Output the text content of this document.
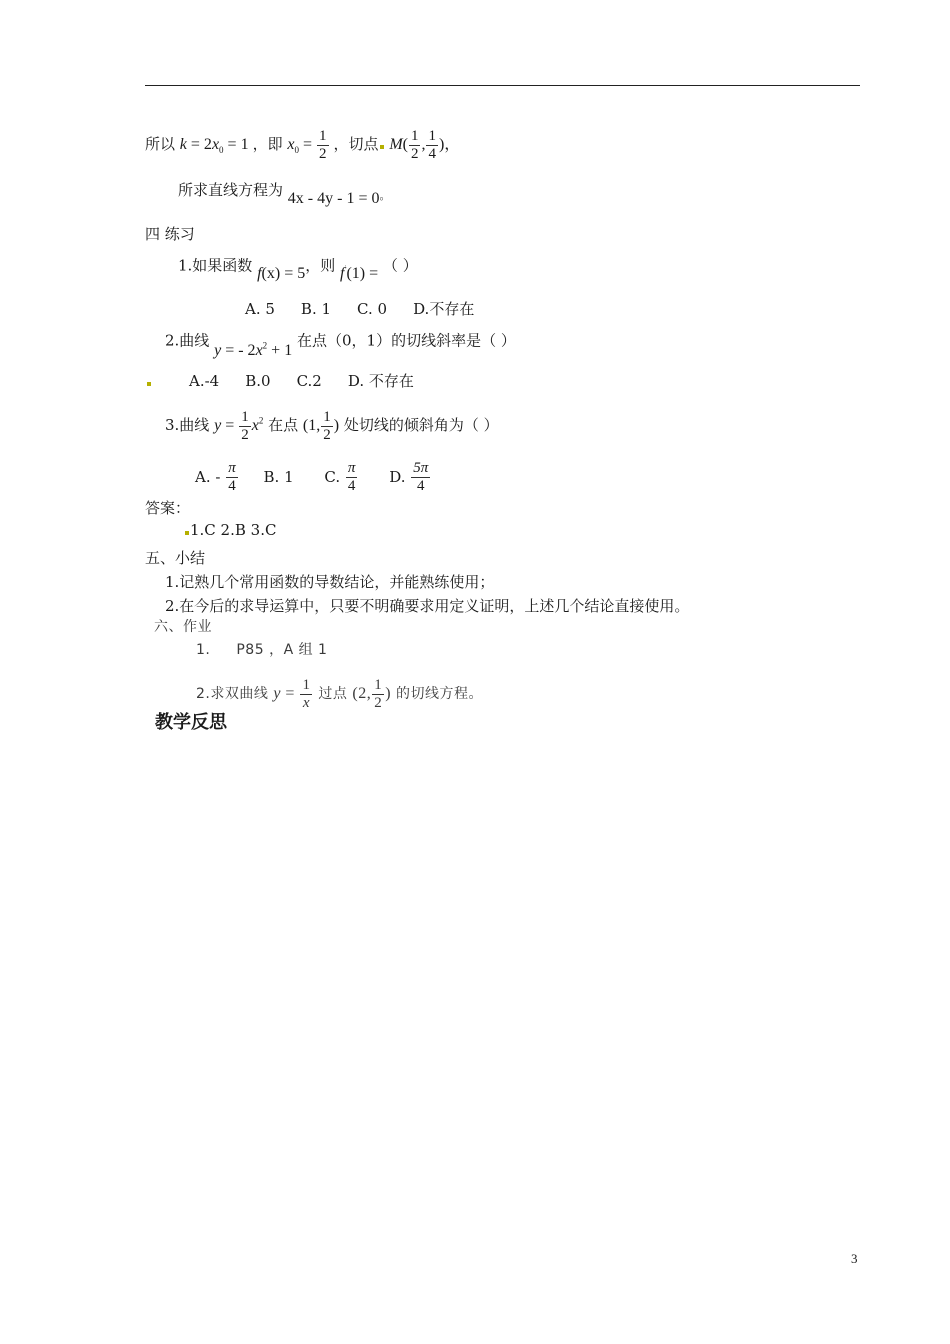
所以 $k = 2x_0 = 1$ ，即 $x_0 = \frac{1}{2}$ ，切点 $M( \frac{1}{2}$ , $\frac{1}{4}$ )，
所求直线方程为 $4x - 4y - 1 = 0_。$
四 练习
1.如果函数 f(x) = 5，则 f′(1) = （ ）
A. 5 B. 1 C. 0 D.不存在
2.曲线 y = - $2x^2 + 1$ 在点（0，1）的切线斜率是（ ）
A.-4 B.0 C.2 D. 不存在
3.曲线 $y = \frac{1}{2} x^2$ 在点 (1, $\frac{1}{2}$ ) 处切线的倾斜角为（ ）
A. - $\frac{\pi}{4} B$. 1 C. $\frac{\pi}{4} D$. $\frac{5\pi}{4}$
答案：
1.C 2.B 3.C
五、小结
1.记熟几个常用函数的导数结论，并能熟练使用；
2.在今后的求导运算中，只要不明确要求用定义证明，上述几个结论直接使用。
六、作业
1. P85 ，A 组 1
2.求双曲线 $y = \frac{1}{x}$ 过点 (2, $\frac{1}{2}$ ) 的切线方程。
教学反思
3
